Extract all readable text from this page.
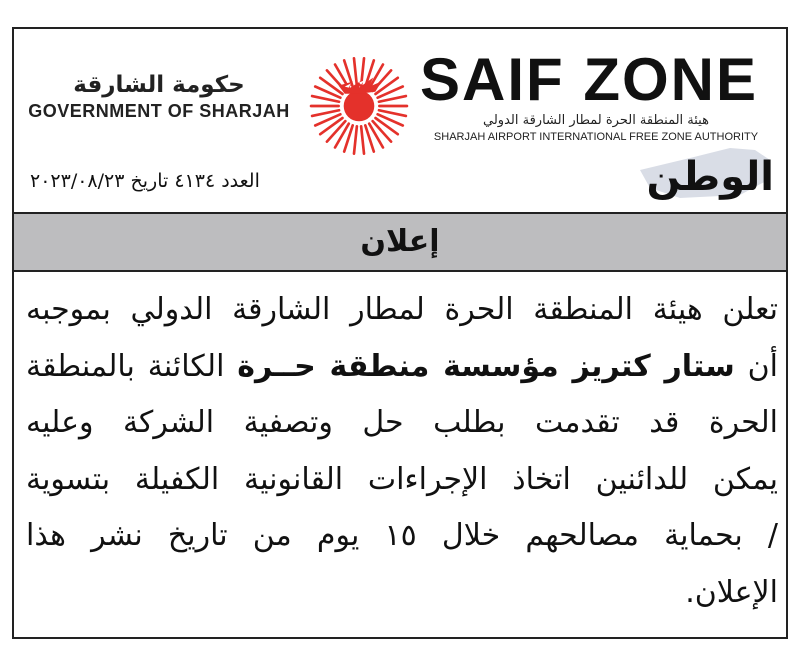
حكومة الشارقة
GOVERNMENT OF SHARJAH SAIF ZONE
هيئة المنطقة الحرة لمطار الشارقة الدولي
SHARJAH AIRPORT INTERNATIONAL FREE ZONE AUTHORITY
العدد ٤١٣٤ تاريخ ٢٠٢٣/٠٨/٢٣	الوطن
إعلان
تعلن هيئة المنطقة الحرة لمطار الشارقة الدولي بموجبه
أن ستار كتريز مؤسسة منطقة حــرة الكائنة بالمنطقة
الحرة قد تقدمت بطلب حل وتصفية الشركة وعليه
يمكن للدائنين اتخاذ الإجراءات القانونية الكفيلة بتسوية
/ بحماية مصالحهم خلال ١٥ يوم من تاريخ نشر هذا
الإعلان.
